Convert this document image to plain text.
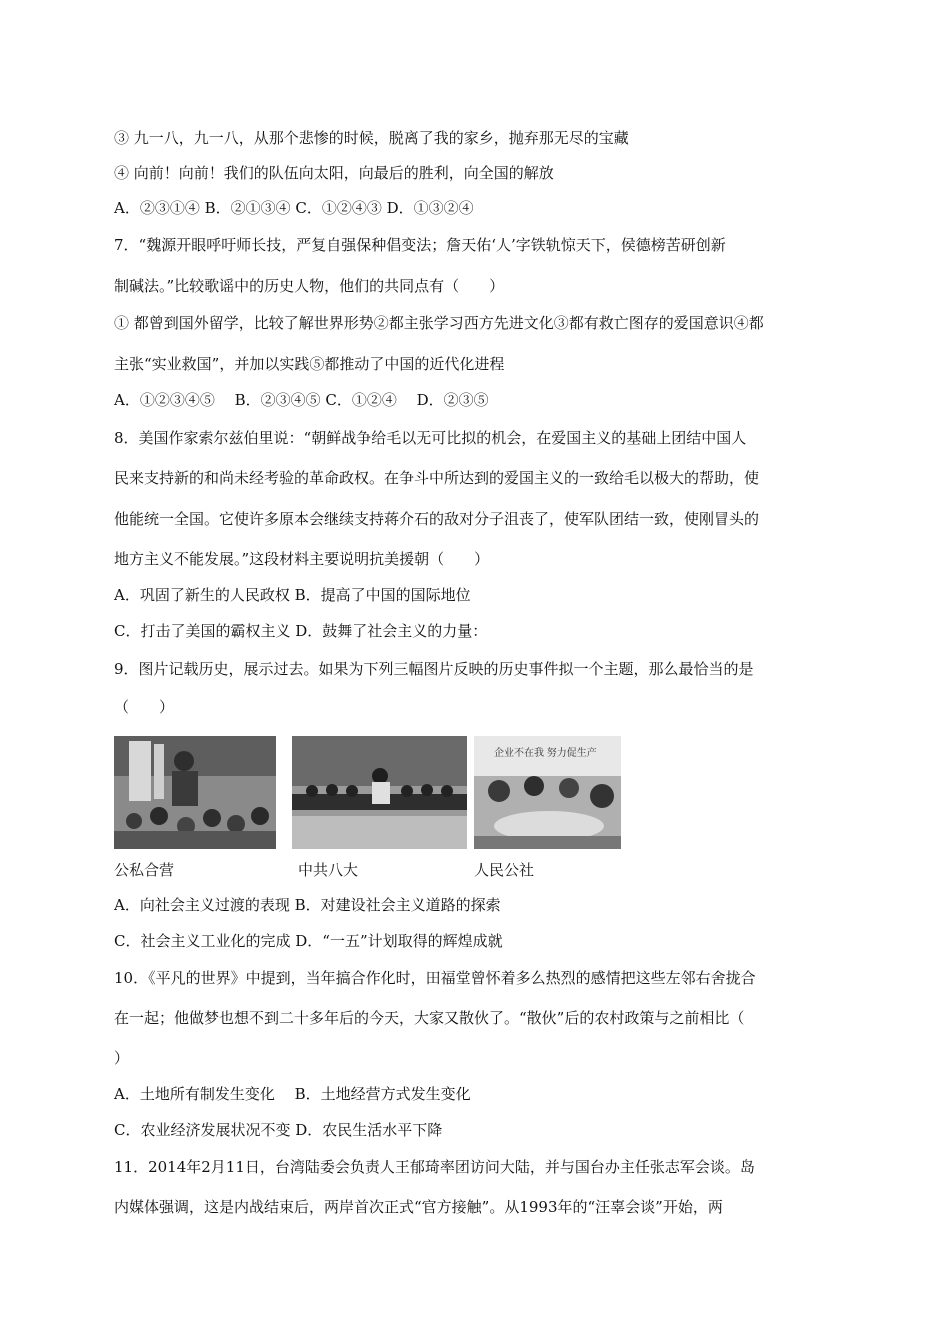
③ 九一八，九一八，从那个悲惨的时候，脱离了我的家乡，抛弃那无尽的宝藏
④ 向前！向前！我们的队伍向太阳，向最后的胜利，向全国的解放
A．②③①④ B．②①③④ C．①②④③ D．①③②④
7．“魏源开眼呼吁师长技，严复自强保种倡变法；詹天佑‘人’字铁轨惊天下，侯德榜苦研创新
制碱法。”比较歌谣中的历史人物，他们的共同点有（　　）
① 都曾到国外留学，比较了解世界形势②都主张学习西方先进文化③都有救亡图存的爱国意识④都
主张“实业救国”，并加以实践⑤都推动了中国的近代化进程
A．①②③④⑤　 B．②③④⑤ C．①②④　 D．②③⑤
8．美国作家索尔兹伯里说：“朝鲜战争给毛以无可比拟的机会，在爱国主义的基础上团结中国人
民来支持新的和尚未经考验的革命政权。在争斗中所达到的爱国主义的一致给毛以极大的帮助，使
他能统一全国。它使许多原本会继续支持蒋介石的敌对分子沮丧了，使军队团结一致，使刚冒头的
地方主义不能发展。”这段材料主要说明抗美援朝（　　）
A．巩固了新生的人民政权 B．提高了中国的国际地位
C．打击了美国的霸权主义 D．鼓舞了社会主义的力量：
9．图片记载历史，展示过去。如果为下列三幅图片反映的历史事件拟一个主题，那么最恰当的是
（　　）
企业不在我 努力促生产
公私合营	中共八大	人民公社
A．向社会主义过渡的表现 B．对建设社会主义道路的探索
C．社会主义工业化的完成 D．“一五”计划取得的辉煌成就
10．《平凡的世界》中提到，当年搞合作化时，田福堂曾怀着多么热烈的感情把这些左邻右舍拢合
在一起；他做梦也想不到二十多年后的今天，大家又散伙了。“散伙”后的农村政策与之前相比（
）
A．土地所有制发生变化　 B．土地经营方式发生变化
C．农业经济发展状况不变 D．农民生活水平下降
11．2014年2月11日，台湾陆委会负责人王郁琦率团访问大陆，并与国台办主任张志军会谈。岛
内媒体强调，这是内战结束后，两岸首次正式“官方接触”。从1993年的“汪辜会谈”开始，两
